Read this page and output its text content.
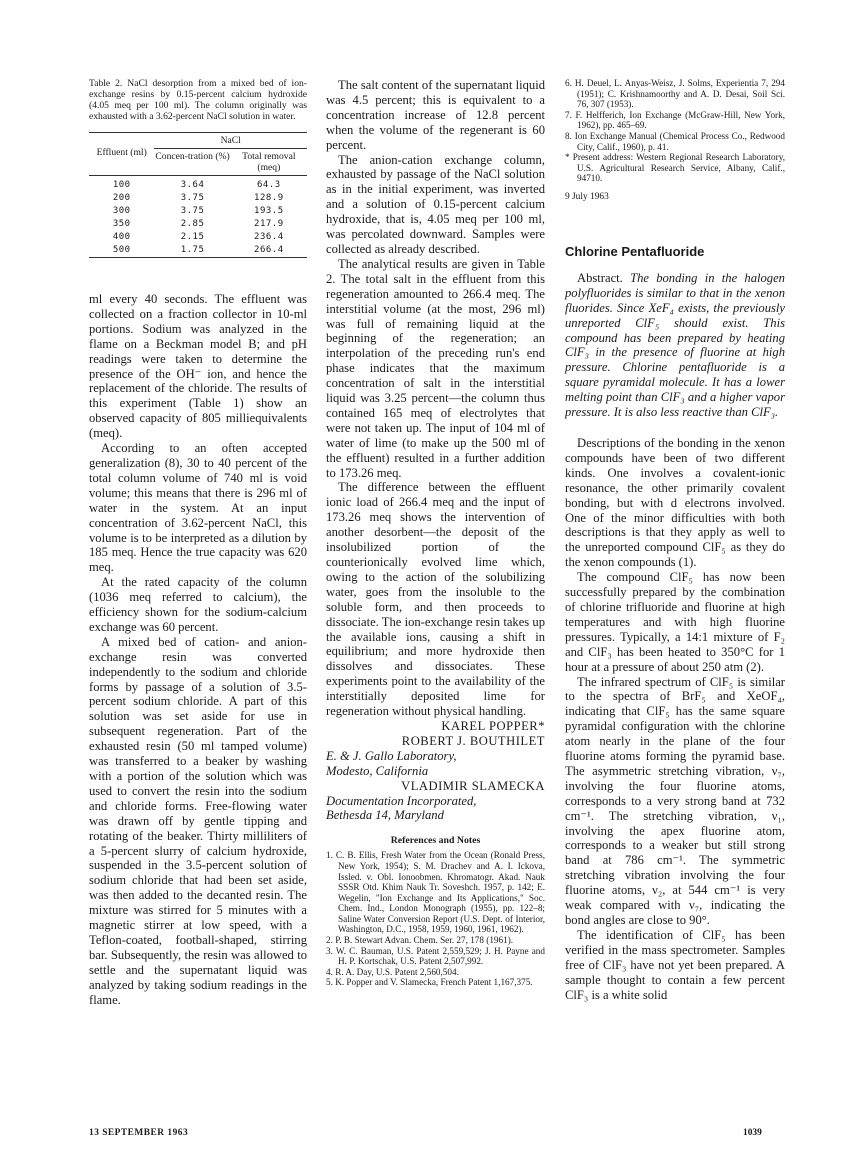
Table 2. NaCl desorption from a mixed bed of ion-exchange resins by 0.15-percent calcium hydroxide (4.05 meq per 100 ml). The column originally was exhausted with a 3.62-percent NaCl solution in water.

Effluent (ml)	NaCl	
	Concen-tration (%)	Total removal (meq)
100	3.64	64.3
200	3.75	128.9
300	3.75	193.5
350	2.85	217.9
400	2.15	236.4
500	1.75	266.4

ml every 40 seconds. The effluent was collected on a fraction collector in 10-ml portions. Sodium was analyzed in the flame on a Beckman model B; and pH readings were taken to determine the presence of the OH⁻ ion, and hence the replacement of the chloride. The results of this experiment (Table 1) show an observed capacity of 805 milliequivalents (meq).

According to an often accepted generalization (8), 30 to 40 percent of the total column volume of 740 ml is void volume; this means that there is 296 ml of water in the system. At an input concentration of 3.62-percent NaCl, this volume is to be interpreted as a dilution by 185 meq. Hence the true capacity was 620 meq.

At the rated capacity of the column (1036 meq referred to calcium), the efficiency shown for the sodium-calcium exchange was 60 percent.

A mixed bed of cation- and anion-exchange resin was converted independently to the sodium and chloride forms by passage of a solution of 3.5-percent sodium chloride. A part of this solution was set aside for use in subsequent regeneration. Part of the exhausted resin (50 ml tamped volume) was transferred to a beaker by washing with a portion of the solution which was used to convert the resin into the sodium and chloride forms. Free-flowing water was drawn off by gentle tipping and rotating of the beaker. Thirty milliliters of a 5-percent slurry of calcium hydroxide, suspended in the 3.5-percent solution of sodium chloride that had been set aside, was then added to the decanted resin. The mixture was stirred for 5 minutes with a magnetic stirrer at low speed, with a Teflon-coated, football-shaped, stirring bar. Subsequently, the resin was allowed to settle and the supernatant liquid was analyzed by taking sodium readings in the flame.

The salt content of the supernatant liquid was 4.5 percent; this is equivalent to a concentration increase of 12.8 percent when the volume of the regenerant is 60 percent.

The anion-cation exchange column, exhausted by passage of the NaCl solution as in the initial experiment, was inverted and a solution of 0.15-percent calcium hydroxide, that is, 4.05 meq per 100 ml, was percolated downward. Samples were collected as already described.

The analytical results are given in Table 2. The total salt in the effluent from this regeneration amounted to 266.4 meq. The interstitial volume (at the most, 296 ml) was full of remaining liquid at the beginning of the regeneration; an interpolation of the preceding run's end phase indicates that the maximum concentration of salt in the interstitial liquid was 3.25 percent—the column thus contained 165 meq of electrolytes that were not taken up. The input of 104 ml of water of lime (to make up the 500 ml of the effluent) resulted in a further addition to 173.26 meq.

The difference between the effluent ionic load of 266.4 meq and the input of 173.26 meq shows the intervention of another desorbent—the deposit of the insolubilized portion of the counterionically evolved lime which, owing to the action of the solubilizing water, goes from the insoluble to the soluble form, and then proceeds to dissociate. The ion-exchange resin takes up the available ions, causing a shift in equilibrium; and more hydroxide then dissolves and dissociates. These experiments point to the availability of the interstitially deposited lime for regeneration without physical handling.

KAREL POPPER*
ROBERT J. BOUTHILET
E. & J. Gallo Laboratory,
Modesto, California
VLADIMIR SLAMECKA
Documentation Incorporated,
Bethesda 14, Maryland
References and Notes
1. C. B. Ellis, Fresh Water from the Ocean (Ronald Press, New York, 1954); S. M. Drachev and A. I. Ickova, Issled. v. Obl. Ionoobmen. Khromatogr. Akad. Nauk SSSR Otd. Khim Nauk Tr. Soveshch. 1957, p. 142; E. Wegelin, "Ion Exchange and Its Applications," Soc. Chem. Ind., London Monograph (1955), pp. 122–8; Saline Water Conversion Report (U.S. Dept. of Interior, Washington, D.C., 1958, 1959, 1960, 1961, 1962).
2. P. B. Stewart Advan. Chem. Ser. 27, 178 (1961).
3. W. C. Bauman, U.S. Patent 2,559,529; J. H. Payne and H. P. Kortschak, U.S. Patent 2,507,992.
4. R. A. Day, U.S. Patent 2,560,504.
5. K. Popper and V. Slamecka, French Patent 1,167,375.
6. H. Deuel, L. Anyas-Weisz, J. Solms, Experientia 7, 294 (1951); C. Krishnamoorthy and A. D. Desai, Soil Sci. 76, 307 (1953).
7. F. Helfferich, Ion Exchange (McGraw-Hill, New York, 1962), pp. 465–69.
8. Ion Exchange Manual (Chemical Process Co., Redwood City, Calif., 1960), p. 41.
* Present address: Western Regional Research Laboratory, U.S. Agricultural Research Service, Albany, Calif., 94710.
9 July 1963
Chlorine Pentafluoride

Abstract. The bonding in the halogen polyfluorides is similar to that in the xenon fluorides. Since XeF₄ exists, the previously unreported ClF₅ should exist. This compound has been prepared by heating ClF₃ in the presence of fluorine at high pressure. Chlorine pentafluoride is a square pyramidal molecule. It has a lower melting point than ClF₃ and a higher vapor pressure. It is also less reactive than ClF₃.

Descriptions of the bonding in the xenon compounds have been of two different kinds. One involves a covalent-ionic resonance, the other primarily covalent bonding, but with d electrons involved. One of the minor difficulties with both descriptions is that they apply as well to the unreported compound ClF₅ as they do the xenon compounds (1).

The compound ClF₅ has now been successfully prepared by the combination of chlorine trifluoride and fluorine at high temperatures and with high fluorine pressures. Typically, a 14:1 mixture of F₂ and ClF₃ has been heated to 350°C for 1 hour at a pressure of about 250 atm (2).

The infrared spectrum of ClF₅ is similar to the spectra of BrF₅ and XeOF₄, indicating that ClF₅ has the same square pyramidal configuration with the chlorine atom nearly in the plane of the four fluorine atoms forming the pyramid base. The asymmetric stretching vibration, ν₇, involving the four fluorine atoms, corresponds to a very strong band at 732 cm⁻¹. The stretching vibration, ν₁, involving the apex fluorine atom, corresponds to a weaker but still strong band at 786 cm⁻¹. The symmetric stretching vibration involving the four fluorine atoms, ν₂, at 544 cm⁻¹ is very weak compared with ν₇, indicating the bond angles are close to 90°.

The identification of ClF₅ has been verified in the mass spectrometer. Samples free of ClF₃ have not yet been prepared. A sample thought to contain a few percent ClF₃ is a white solid

13 SEPTEMBER 1963	1039
